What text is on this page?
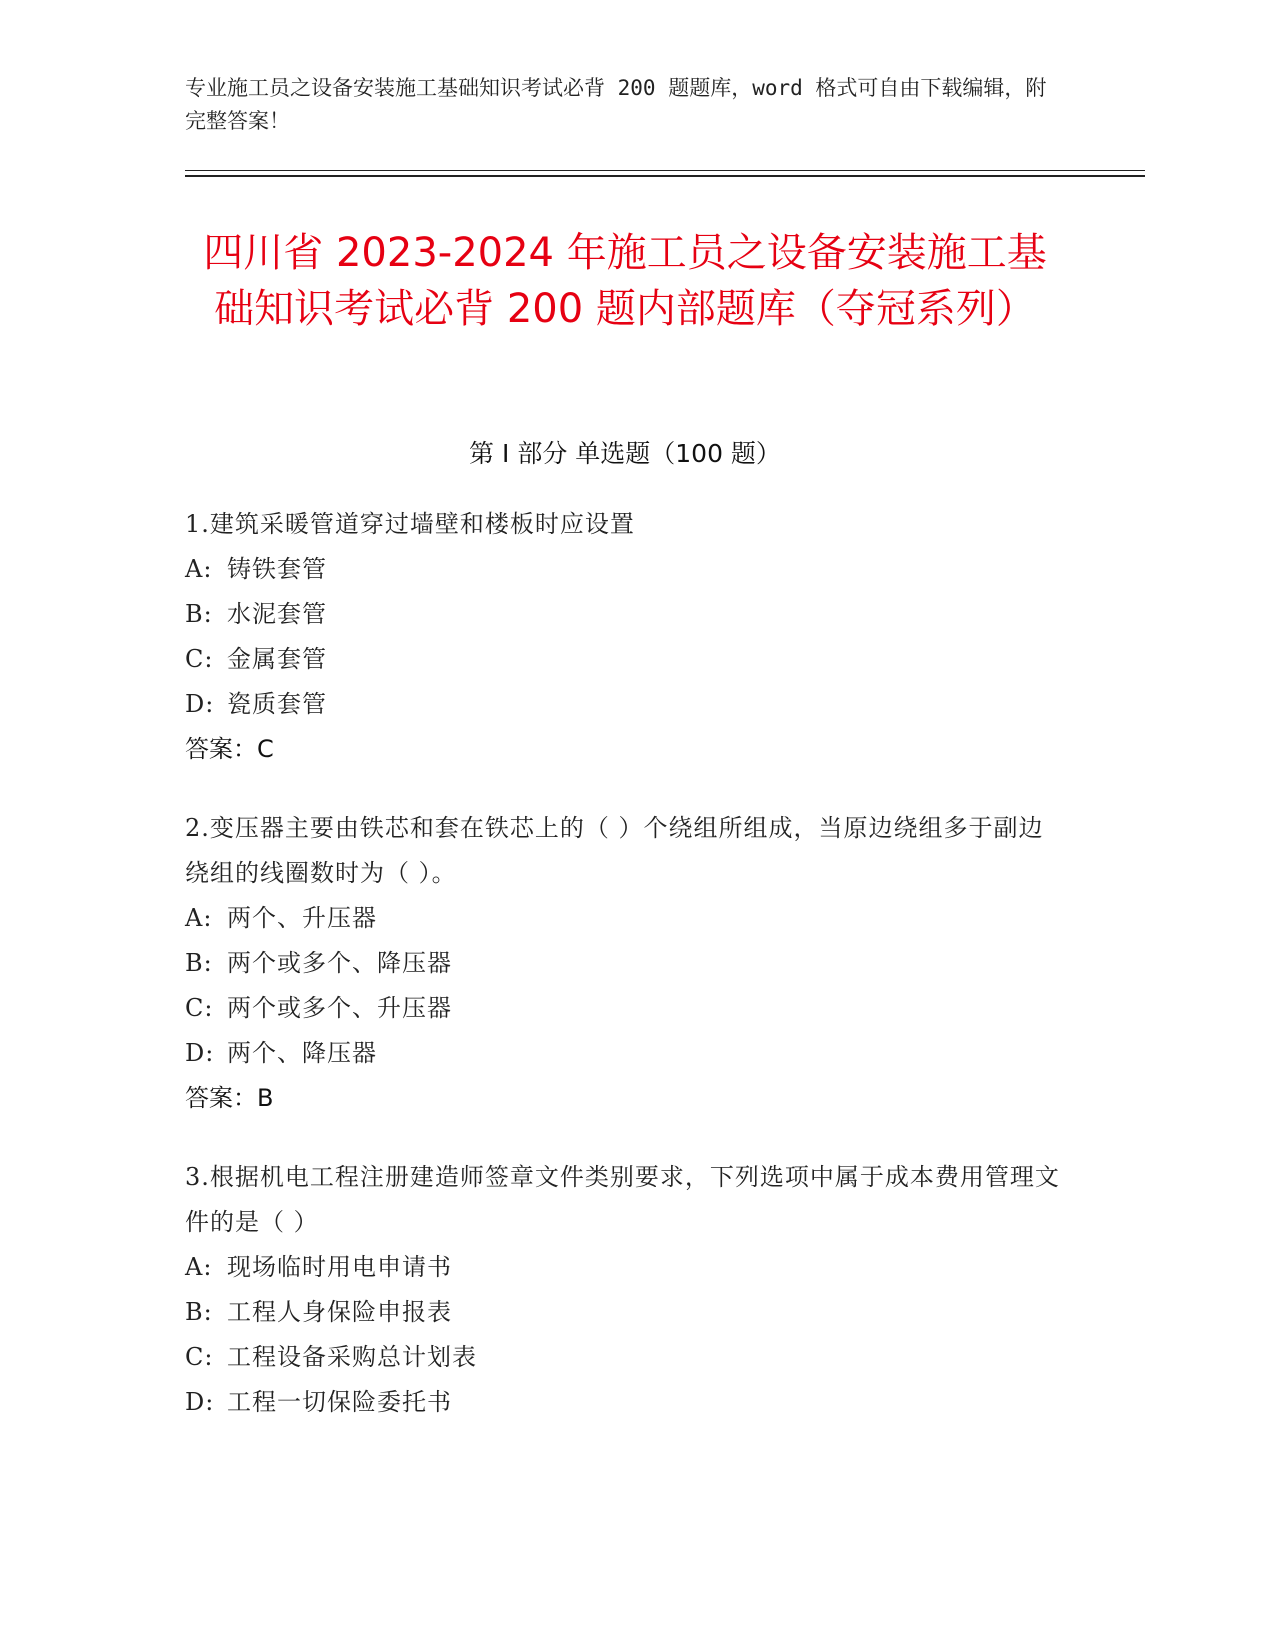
专业施工员之设备安装施工基础知识考试必背 200 题题库，word 格式可自由下载编辑，附完整答案！
四川省 2023-2024 年施工员之设备安装施工基础知识考试必背 200 题内部题库（夺冠系列）
第 I 部分 单选题（100 题）
1.建筑采暖管道穿过墙壁和楼板时应设置
A: 铸铁套管
B: 水泥套管
C: 金属套管
D: 瓷质套管
答案：C
2.变压器主要由铁芯和套在铁芯上的（ ）个绕组所组成，当原边绕组多于副边绕组的线圈数时为（ ）。
A: 两个、升压器
B: 两个或多个、降压器
C: 两个或多个、升压器
D: 两个、降压器
答案：B
3.根据机电工程注册建造师签章文件类别要求，下列选项中属于成本费用管理文件的是（ ）
A: 现场临时用电申请书
B: 工程人身保险申报表
C: 工程设备采购总计划表
D: 工程一切保险委托书
